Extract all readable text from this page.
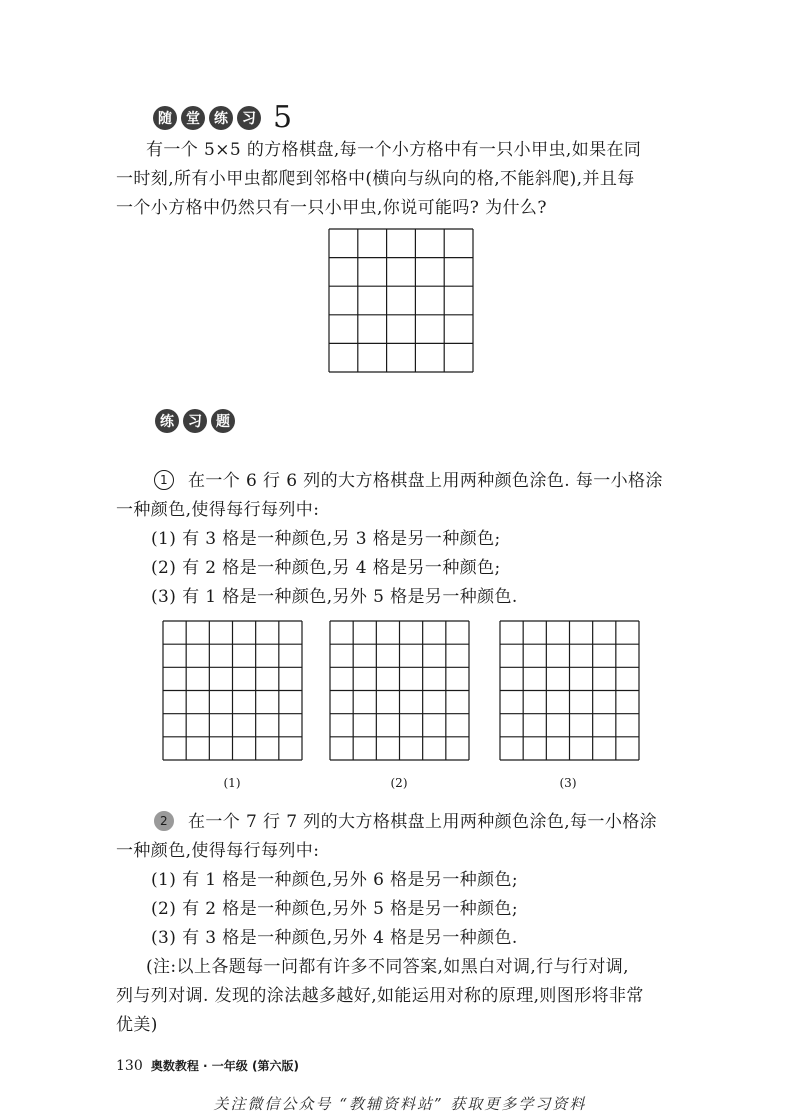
随	堂	练	习 5
有一个 5×5 的方格棋盘,每一个小方格中有一只小甲虫,如果在同
一时刻,所有小甲虫都爬到邻格中(横向与纵向的格,不能斜爬),并且每
一个小方格中仍然只有一只小甲虫,你说可能吗? 为什么?
练	习	题
1 在一个 6 行 6 列的大方格棋盘上用两种颜色涂色. 每一小格涂
一种颜色,使得每行每列中:
(1) 有 3 格是一种颜色,另 3 格是另一种颜色;
(2) 有 2 格是一种颜色,另 4 格是另一种颜色;
(3) 有 1 格是一种颜色,另外 5 格是另一种颜色.
(1)	(2)	(3)
2 在一个 7 行 7 列的大方格棋盘上用两种颜色涂色,每一小格涂
一种颜色,使得每行每列中:
(1) 有 1 格是一种颜色,另外 6 格是另一种颜色;
(2) 有 2 格是一种颜色,另外 5 格是另一种颜色;
(3) 有 3 格是一种颜色,另外 4 格是另一种颜色.
(注:以上各题每一问都有许多不同答案,如黑白对调,行与行对调,
列与列对调. 发现的涂法越多越好,如能运用对称的原理,则图形将非常
优美)
130 奥数教程 · 一年级 (第六版)
关注微信公众号 “教辅资料站” 获取更多学习资料
